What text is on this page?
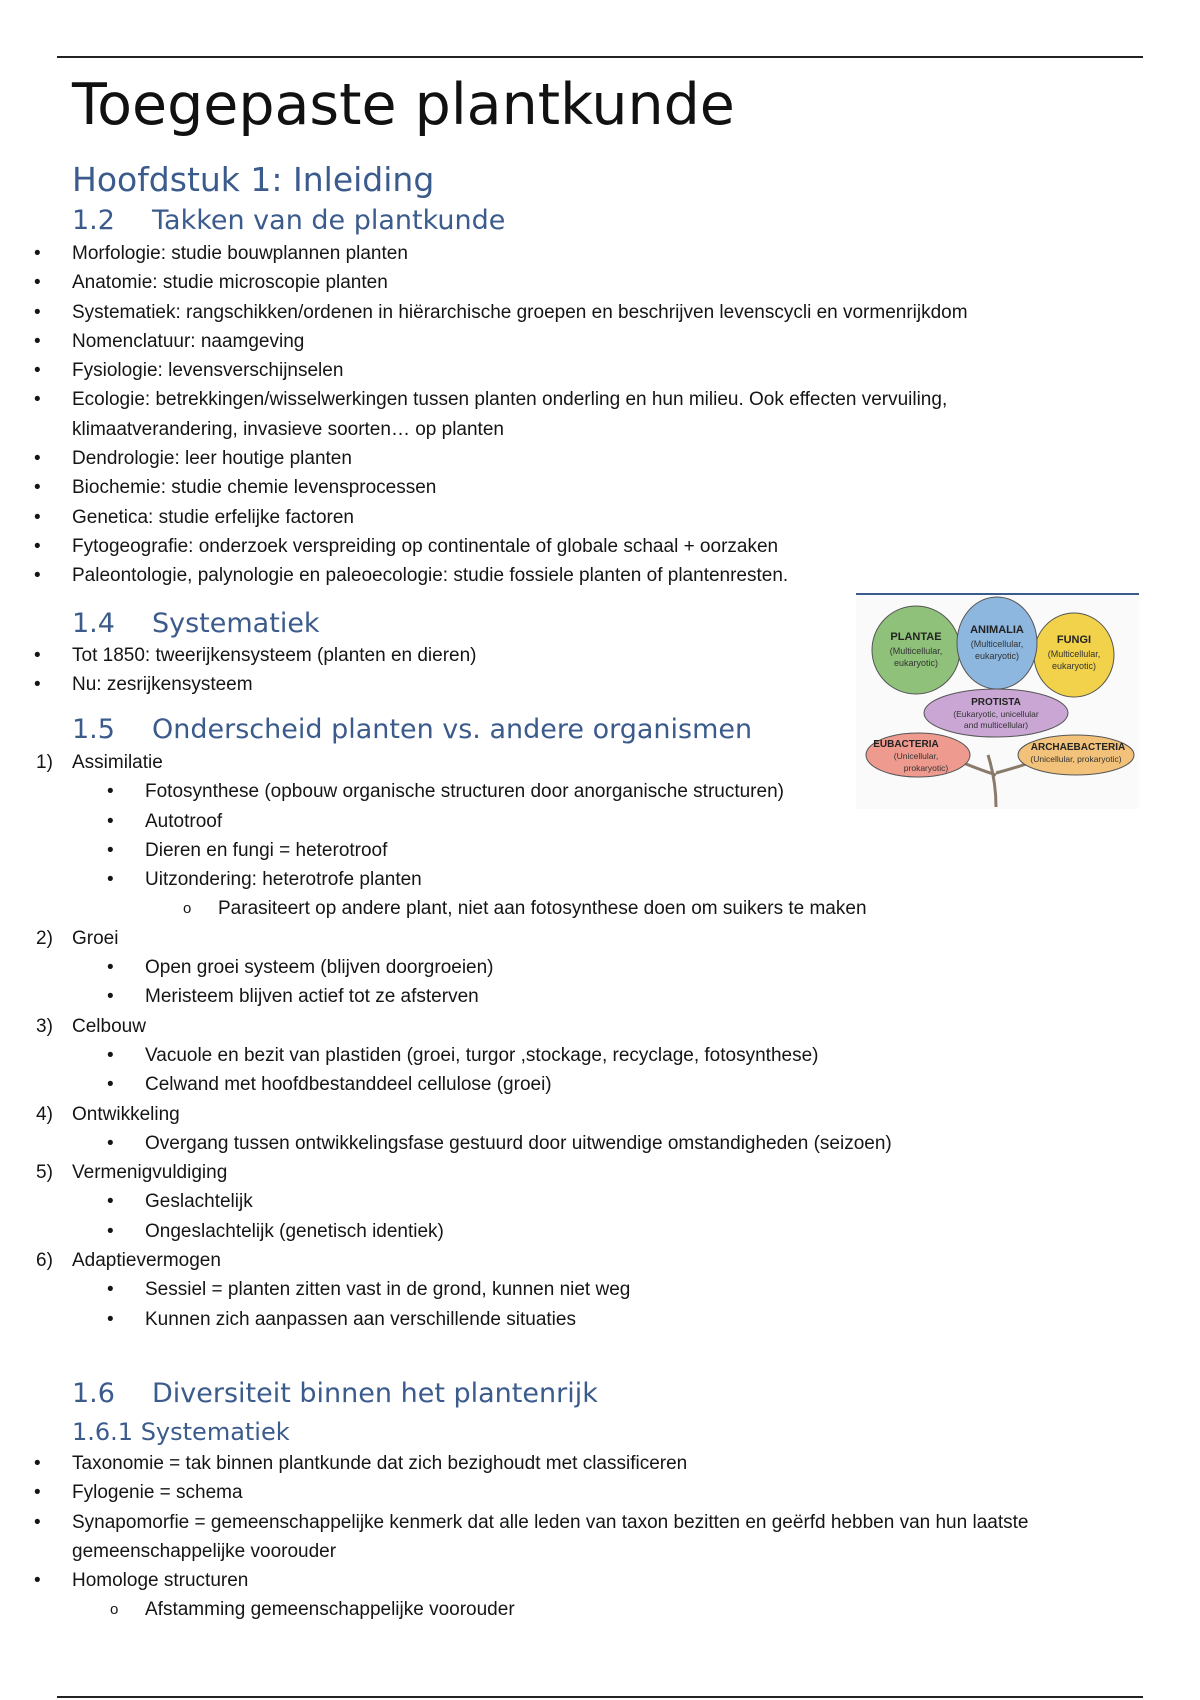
Toegepaste plantkunde
Hoofdstuk 1: Inleiding
1.2 Takken van de plantkunde
• Morfologie: studie bouwplannen planten
• Anatomie: studie microscopie planten
• Systematiek: rangschikken/ordenen in hiërarchische groepen en beschrijven levenscycli en vormenrijkdom
• Nomenclatuur: naamgeving
• Fysiologie: levensverschijnselen
• Ecologie: betrekkingen/wisselwerkingen tussen planten onderling en hun milieu. Ook effecten vervuiling, klimaatverandering, invasieve soorten… op planten
• Dendrologie: leer houtige planten
• Biochemie: studie chemie levensprocessen
• Genetica: studie erfelijke factoren
• Fytogeografie: onderzoek verspreiding op continentale of globale schaal + oorzaken
• Paleontologie, palynologie en paleoecologie: studie fossiele planten of plantenresten.
1.4 Systematiek
• Tot 1850: tweerijkensysteem (planten en dieren)
• Nu: zesrijkensysteem
1.5 Onderscheid planten vs. andere organismen
1) Assimilatie
• Fotosynthese (opbouw organische structuren door anorganische structuren)
• Autotroof
• Dieren en fungi = heterotroof
• Uitzondering: heterotrofe planten
o Parasiteert op andere plant, niet aan fotosynthese doen om suikers te maken
2) Groei
• Open groei systeem (blijven doorgroeien)
• Meristeem blijven actief tot ze afsterven
3) Celbouw
• Vacuole en bezit van plastiden (groei, turgor ,stockage, recyclage, fotosynthese)
• Celwand met hoofdbestanddeel cellulose (groei)
4) Ontwikkeling
• Overgang tussen ontwikkelingsfase gestuurd door uitwendige omstandigheden (seizoen)
5) Vermenigvuldiging
• Geslachtelijk
• Ongeslachtelijk (genetisch identiek)
6) Adaptievermogen
• Sessiel = planten zitten vast in de grond, kunnen niet weg
• Kunnen zich aanpassen aan verschillende situaties
1.6 Diversiteit binnen het plantenrijk
1.6.1 Systematiek
• Taxonomie = tak binnen plantkunde dat zich bezighoudt met classificeren
• Fylogenie = schema
• Synapomorfie = gemeenschappelijke kenmerk dat alle leden van taxon bezitten en geërfd hebben van hun laatste gemeenschappelijke voorouder
• Homologe structuren
o Afstamming gemeenschappelijke voorouder
PLANTAE
(Multicellular,
eukaryotic)
ANIMALIA
(Multicellular,
eukaryotic)
FUNGI
(Multicellular,
eukaryotic)
PROTISTA
(Eukaryotic, unicellular
and multicellular)
EUBACTERIA
(Unicellular,
prokaryotic)
ARCHAEBACTERIA
(Unicellular, prokaryotic)
